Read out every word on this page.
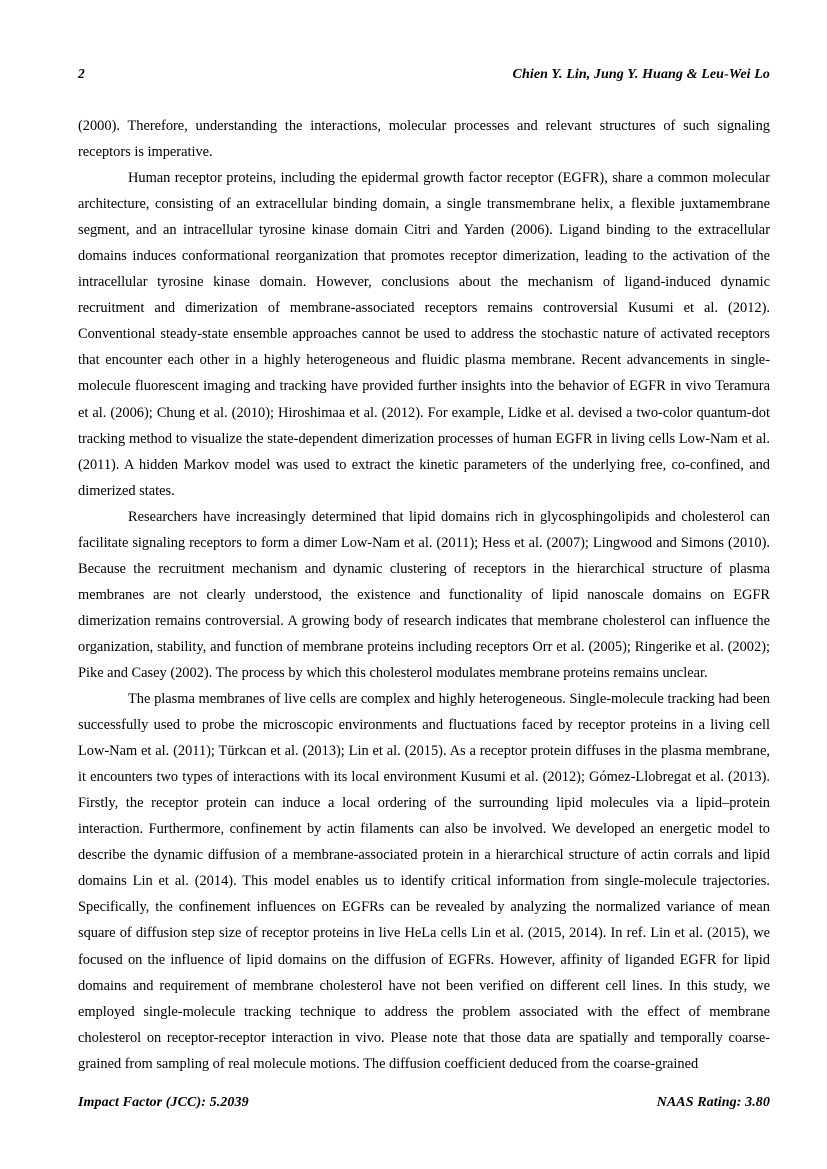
2	Chien Y. Lin, Jung Y. Huang & Leu-Wei Lo

(2000). Therefore, understanding the interactions, molecular processes and relevant structures of such signaling receptors is imperative.

Human receptor proteins, including the epidermal growth factor receptor (EGFR), share a common molecular architecture, consisting of an extracellular binding domain, a single transmembrane helix, a flexible juxtamembrane segment, and an intracellular tyrosine kinase domain Citri and Yarden (2006). Ligand binding to the extracellular domains induces conformational reorganization that promotes receptor dimerization, leading to the activation of the intracellular tyrosine kinase domain. However, conclusions about the mechanism of ligand-induced dynamic recruitment and dimerization of membrane-associated receptors remains controversial Kusumi et al. (2012). Conventional steady-state ensemble approaches cannot be used to address the stochastic nature of activated receptors that encounter each other in a highly heterogeneous and fluidic plasma membrane. Recent advancements in single-molecule fluorescent imaging and tracking have provided further insights into the behavior of EGFR in vivo Teramura et al. (2006); Chung et al. (2010); Hiroshimaa et al. (2012). For example, Lidke et al. devised a two-color quantum-dot tracking method to visualize the state-dependent dimerization processes of human EGFR in living cells Low-Nam et al. (2011). A hidden Markov model was used to extract the kinetic parameters of the underlying free, co-confined, and dimerized states.

Researchers have increasingly determined that lipid domains rich in glycosphingolipids and cholesterol can facilitate signaling receptors to form a dimer Low-Nam et al. (2011); Hess et al. (2007); Lingwood and Simons (2010). Because the recruitment mechanism and dynamic clustering of receptors in the hierarchical structure of plasma membranes are not clearly understood, the existence and functionality of lipid nanoscale domains on EGFR dimerization remains controversial. A growing body of research indicates that membrane cholesterol can influence the organization, stability, and function of membrane proteins including receptors Orr et al. (2005); Ringerike et al. (2002); Pike and Casey (2002). The process by which this cholesterol modulates membrane proteins remains unclear.

The plasma membranes of live cells are complex and highly heterogeneous. Single-molecule tracking had been successfully used to probe the microscopic environments and fluctuations faced by receptor proteins in a living cell Low-Nam et al. (2011); Türkcan et al. (2013); Lin et al. (2015). As a receptor protein diffuses in the plasma membrane, it encounters two types of interactions with its local environment Kusumi et al. (2012); Gómez-Llobregat et al. (2013). Firstly, the receptor protein can induce a local ordering of the surrounding lipid molecules via a lipid–protein interaction. Furthermore, confinement by actin filaments can also be involved. We developed an energetic model to describe the dynamic diffusion of a membrane-associated protein in a hierarchical structure of actin corrals and lipid domains Lin et al. (2014). This model enables us to identify critical information from single-molecule trajectories. Specifically, the confinement influences on EGFRs can be revealed by analyzing the normalized variance of mean square of diffusion step size of receptor proteins in live HeLa cells Lin et al. (2015, 2014). In ref. Lin et al. (2015), we focused on the influence of lipid domains on the diffusion of EGFRs. However, affinity of liganded EGFR for lipid domains and requirement of membrane cholesterol have not been verified on different cell lines. In this study, we employed single-molecule tracking technique to address the problem associated with the effect of membrane cholesterol on receptor-receptor interaction in vivo. Please note that those data are spatially and temporally coarse-grained from sampling of real molecule motions. The diffusion coefficient deduced from the coarse-grained

Impact Factor (JCC): 5.2039	NAAS Rating: 3.80
